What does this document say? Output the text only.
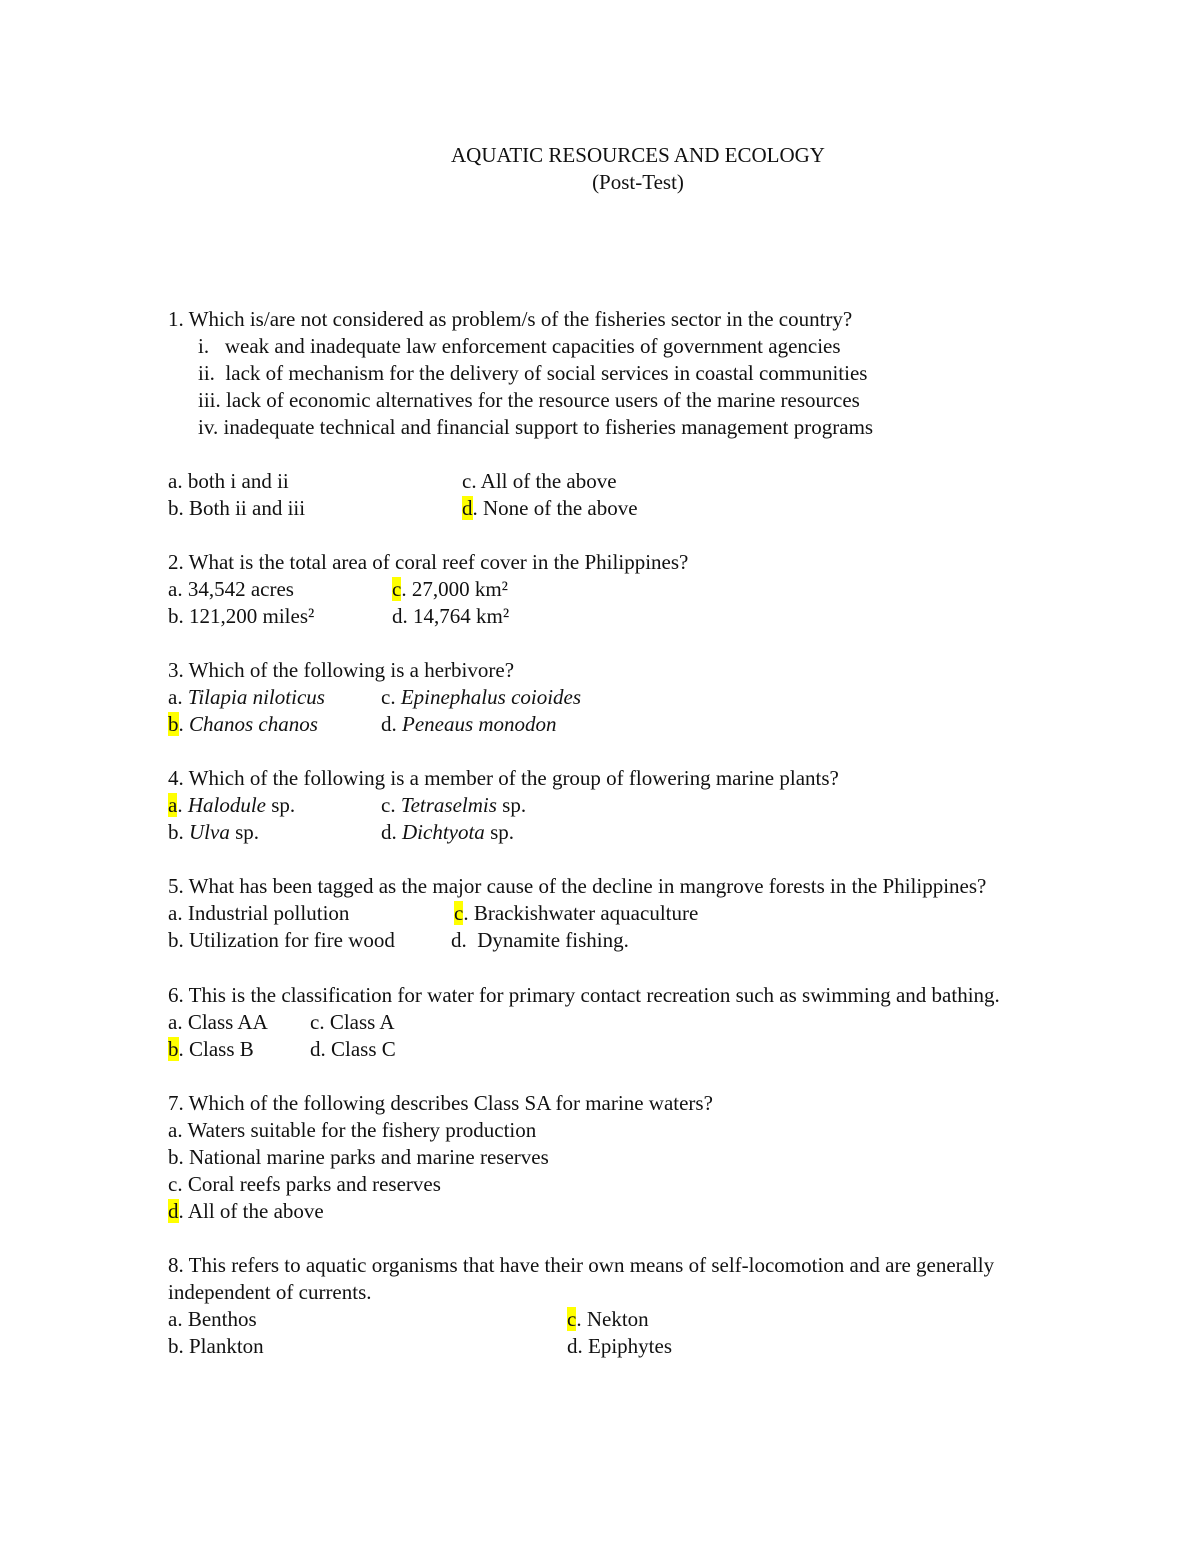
AQUATIC RESOURCES AND ECOLOGY
(Post-Test)
1. Which is/are not considered as problem/s of the fisheries sector in the country?
i. weak and inadequate law enforcement capacities of government agencies
ii. lack of mechanism for the delivery of social services in coastal communities
iii. lack of economic alternatives for the resource users of the marine resources
iv. inadequate technical and financial support to fisheries management programs
a. both i and ii	c. All of the above
b. Both ii and iii	d. None of the above
2. What is the total area of coral reef cover in the Philippines?
a. 34,542 acres	c. 27,000 km²
b. 121,200 miles²	d. 14,764 km²
3. Which of the following is a herbivore?
a. Tilapia niloticus	c. Epinephalus coioides
b. Chanos chanos	d. Peneaus monodon
4. Which of the following is a member of the group of flowering marine plants?
a. Halodule sp.	c. Tetraselmis sp.
b. Ulva sp.	d. Dichtyota sp.
5. What has been tagged as the major cause of the decline in mangrove forests in the Philippines?
a. Industrial pollution	c. Brackishwater aquaculture
b. Utilization for fire wood	d.  Dynamite fishing.
6. This is the classification for water for primary contact recreation such as swimming and bathing.
a. Class AA c. Class A
b. Class B	d. Class C
7. Which of the following describes Class SA for marine waters?
a. Waters suitable for the fishery production
b. National marine parks and marine reserves
c. Coral reefs parks and reserves
d. All of the above
8. This refers to aquatic organisms that have their own means of self-locomotion and are generally
independent of currents.
a. Benthos	c. Nekton
b. Plankton	d. Epiphytes
